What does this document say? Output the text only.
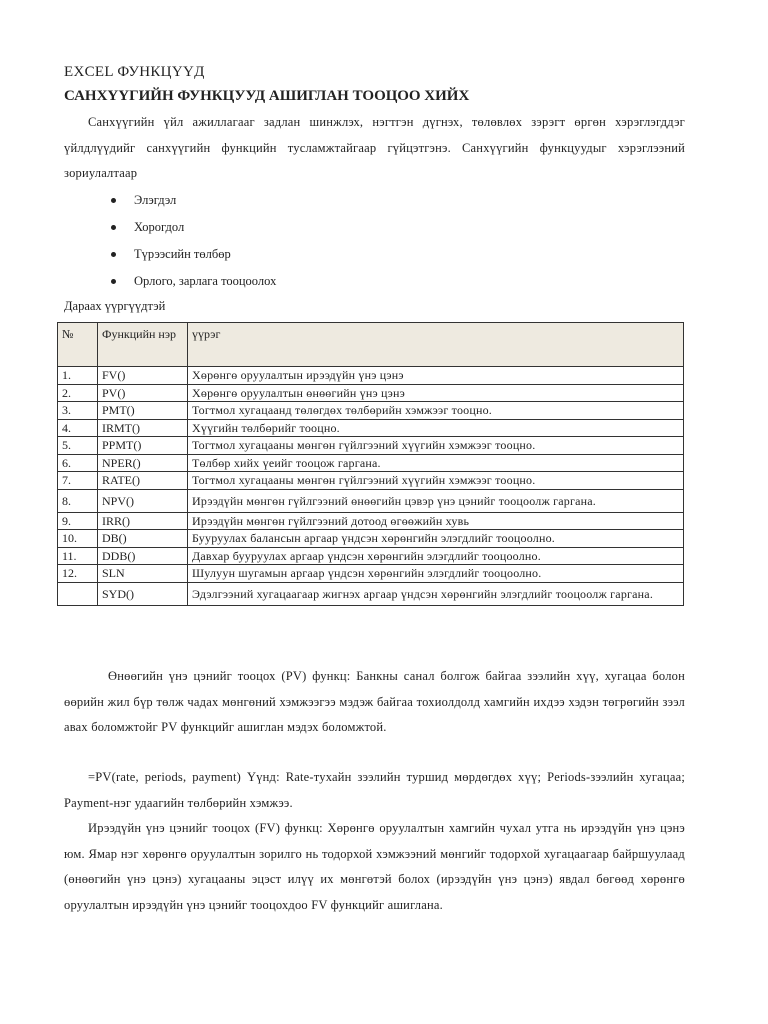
EXCEL ФУНКЦҮҮД
САНХҮҮГИЙН ФУНКЦУУД АШИГЛАН ТООЦОО ХИЙХ
Санхүүгийн үйл ажиллагааг задлан шинжлэх, нэгтгэн дүгнэх, төлөвлөх зэрэгт өргөн хэрэглэгддэг үйлдлүүдийг санхүүгийн функцийн тусламжтайгаар гүйцэтгэнэ. Санхүүгийн функцуудыг хэрэглээний зориулалтаар
Элэгдэл
Хорогдол
Түрээсийн төлбөр
Орлого, зарлага тооцоолох
Дараах үүргүүдтэй
№	Функцийн нэр	үүрэг
1.	FV()	Хөрөнгө оруулалтын ирээдүйн үнэ цэнэ
2.	PV()	Хөрөнгө оруулалтын өнөөгийн үнэ цэнэ
3.	PMT()	Тогтмол хугацаанд төлөгдөх төлбөрийн хэмжээг тооцно.
4.	IRMT()	Хүүгийн төлбөрийг тооцно.
5.	PPMT()	Тогтмол хугацааны мөнгөн гүйлгээний хүүгийн хэмжээг тооцно.
6.	NPER()	Төлбөр хийх үеийг тооцож гаргана.
7.	RATE()	Тогтмол хугацааны мөнгөн гүйлгээний хүүгийн хэмжээг тооцно.
8.	NPV()	Ирээдүйн мөнгөн гүйлгээний өнөөгийн цэвэр үнэ цэнийг тооцоолж гаргана.
9.	IRR()	Ирээдүйн мөнгөн гүйлгээний дотоод өгөөжийн хувь
10.	DB()	Бууруулах балансын аргаар үндсэн хөрөнгийн элэгдлийг тооцоолно.
11.	DDB()	Давхар бууруулах аргаар үндсэн хөрөнгийн элэгдлийг тооцоолно.
12.	SLN	Шулуун шугамын аргаар үндсэн хөрөнгийн элэгдлийг тооцоолно.
	SYD()	Эдэлгээний хугацаагаар жигнэх аргаар үндсэн хөрөнгийн элэгдлийг тооцоолж гаргана.
Өнөөгийн үнэ цэнийг тооцох (PV) функц: Банкны санал болгож байгаа зээлийн хүү, хугацаа болон өөрийн жил бүр төлж чадах мөнгөний хэмжээгээ мэдэж байгаа тохиолдолд хамгийн ихдээ хэдэн төгрөгийн зээл авах боломжтойг PV функцийг ашиглан мэдэх боломжтой.
=PV(rate, periods, payment) Үүнд: Rate-тухайн зээлийн туршид мөрдөгдөх хүү; Periods-зээлийн хугацаа; Payment-нэг удаагийн төлбөрийн хэмжээ.
Ирээдүйн үнэ цэнийг тооцох (FV) функц: Хөрөнгө оруулалтын хамгийн чухал утга нь ирээдүйн үнэ цэнэ юм. Ямар нэг хөрөнгө оруулалтын зорилго нь тодорхой хэмжээний мөнгийг тодорхой хугацаагаар байршуулаад (өнөөгийн үнэ цэнэ) хугацааны эцэст илүү их мөнгөтэй болох (ирээдүйн үнэ цэнэ) явдал бөгөөд хөрөнгө оруулалтын ирээдүйн үнэ цэнийг тооцохдоо FV функцийг ашиглана.
